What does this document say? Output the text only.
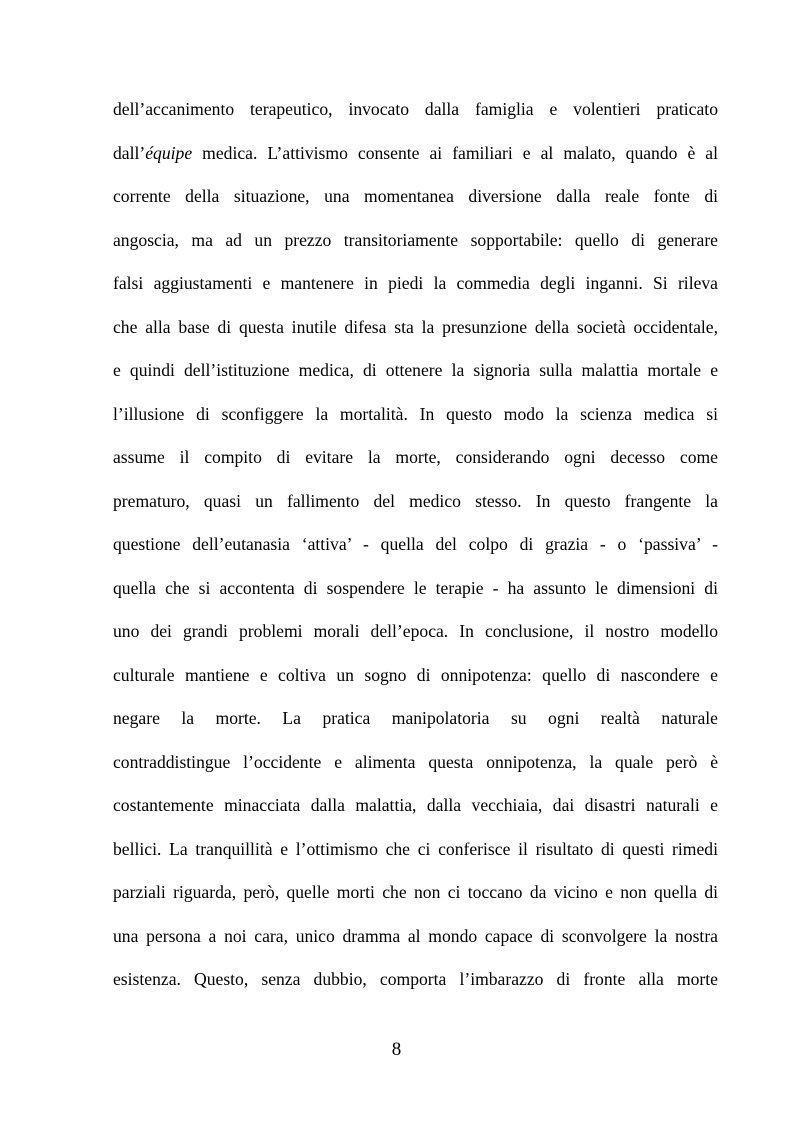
dell’accanimento terapeutico, invocato dalla famiglia e volentieri praticato
dall’équipe medica. L’attivismo consente ai familiari e al malato, quando è al
corrente della situazione, una momentanea diversione dalla reale fonte di
angoscia, ma ad un prezzo transitoriamente sopportabile: quello di generare
falsi aggiustamenti e mantenere in piedi la commedia degli inganni. Si rileva
che alla base di questa inutile difesa sta la presunzione della società occidentale,
e quindi dell’istituzione medica, di ottenere la signoria sulla malattia mortale e
l’illusione di sconfiggere la mortalità. In questo modo la scienza medica si
assume il compito di evitare la morte, considerando ogni decesso come
prematuro, quasi un fallimento del medico stesso. In questo frangente la
questione dell’eutanasia ‘attiva’ - quella del colpo di grazia - o ‘passiva’ -
quella che si accontenta di sospendere le terapie - ha assunto le dimensioni di
uno dei grandi problemi morali dell’epoca. In conclusione, il nostro modello
culturale mantiene e coltiva un sogno di onnipotenza: quello di nascondere e
negare la morte. La pratica manipolatoria su ogni realtà naturale
contraddistingue l’occidente e alimenta questa onnipotenza, la quale però è
costantemente minacciata dalla malattia, dalla vecchiaia, dai disastri naturali e
bellici. La tranquillità e l’ottimismo che ci conferisce il risultato di questi rimedi
parziali riguarda, però, quelle morti che non ci toccano da vicino e non quella di
una persona a noi cara, unico dramma al mondo capace di sconvolgere la nostra
esistenza. Questo, senza dubbio, comporta l’imbarazzo di fronte alla morte
8
